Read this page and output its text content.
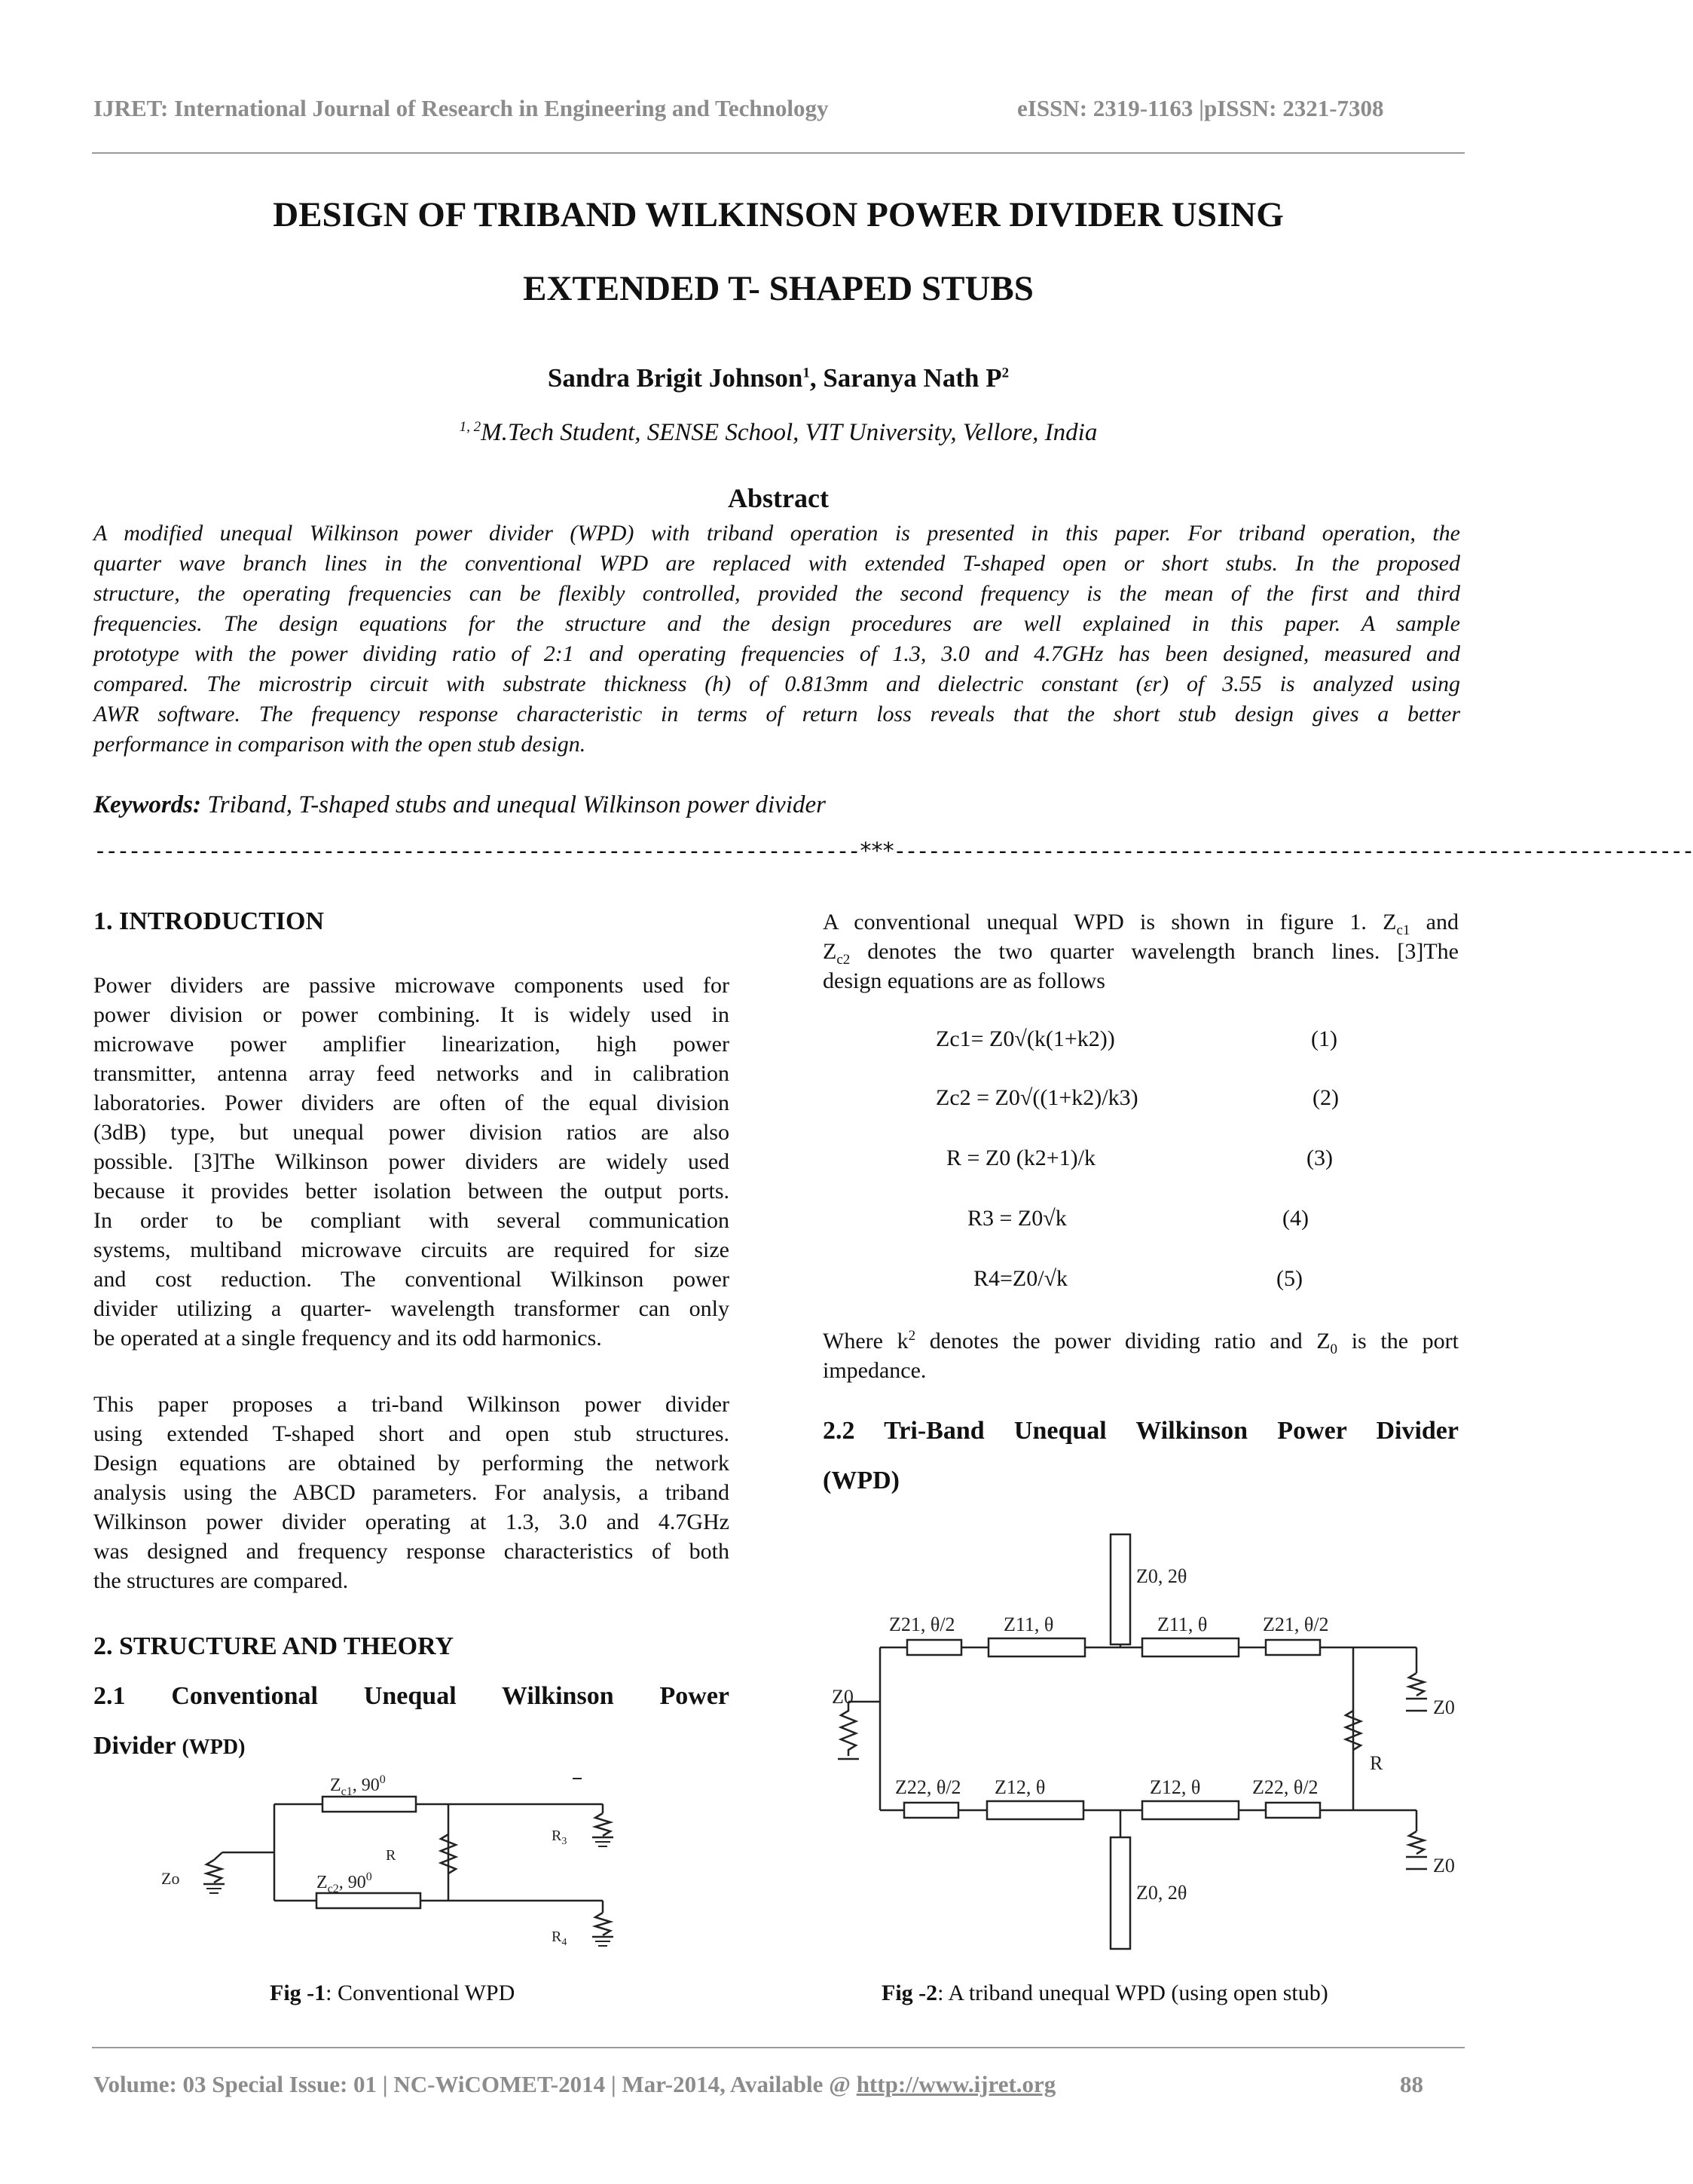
IJRET: International Journal of Research in Engineering and Technology	eISSN: 2319-1163 |pISSN: 2321-7308
DESIGN OF TRIBAND WILKINSON POWER DIVIDER USING
EXTENDED T- SHAPED STUBS
Sandra Brigit Johnson$^1$, Saranya Nath $P^2$
$^{1, 2}$M.Tech Student, SENSE School, VIT University, Vellore, India
Abstract
A modified unequal Wilkinson power divider (WPD) with triband operation is presented in this paper. For triband operation, the
quarter wave branch lines in the conventional WPD are replaced with extended T-shaped open or short stubs. In the proposed
structure, the operating frequencies can be flexibly controlled, provided the second frequency is the mean of the first and third
frequencies. The design equations for the structure and the design procedures are well explained in this paper. A sample
prototype with the power dividing ratio of 2:1 and operating frequencies of 1.3, 3.0 and 4.7GHz has been designed, measured and
compared. The microstrip circuit with substrate thickness (h) of 0.813mm and dielectric constant (εr) of 3.55 is analyzed using
AWR software. The frequency response characteristic in terms of return loss reveals that the short stub design gives a better
performance in comparison with the open stub design.
Keywords: Triband, T-shaped stubs and unequal Wilkinson power divider
-------------------------------------------------------------------***----------------------------------------------------------------------
1. INTRODUCTION
Power dividers are passive microwave components used for
power division or power combining. It is widely used in
microwave power amplifier linearization, high power
transmitter, antenna array feed networks and in calibration
laboratories. Power dividers are often of the equal division
(3dB) type, but unequal power division ratios are also
possible. [3]The Wilkinson power dividers are widely used
because it provides better isolation between the output ports.
In order to be compliant with several communication
systems, multiband microwave circuits are required for size
and cost reduction. The conventional Wilkinson power
divider utilizing a quarter- wavelength transformer can only
be operated at a single frequency and its odd harmonics.
This paper proposes a tri-band Wilkinson power divider
using extended T-shaped short and open stub structures.
Design equations are obtained by performing the network
analysis using the ABCD parameters. For analysis, a triband
Wilkinson power divider operating at 1.3, 3.0 and 4.7GHz
was designed and frequency response characteristics of both
the structures are compared.
2. STRUCTURE AND THEORY
2.1 Conventional Unequal Wilkinson Power
Divider (WPD)
$Z_{c1}$, $90^0$
$Z_{c2}$, $90^0$
R
Zo
$R_3$
$R_4$
Fig -1: Conventional WPD
A conventional unequal WPD is shown in figure 1. $Z_{c1}$ and
$Z_{c2}$ denotes the two quarter wavelength branch lines. [3]The
design equations are as follows
Zc1= Z0√(k(1+k2))	(1)
Zc2 = Z0√((1+k2)/k3)	(2)
R = Z0 (k2+1)/k	(3)
R3 = Z0√k	(4)
R4=Z0/√k	(5)
Where $k^2$ denotes the power dividing ratio and $Z_0$ is the port
impedance.
2.2 Tri-Band Unequal Wilkinson Power Divider
(WPD)
Z0, 2θ
Z0, 2θ
Z21, θ/2 Z11, θ	Z11, θ	Z21, θ/2
Z22, θ/2 Z12, θ	Z12, θ	Z22, θ/2
Z0
R
Z0
Z0
Fig -2: A triband unequal WPD (using open stub)
Volume: 03 Special Issue: 01 | NC-WiCOMET-2014 | Mar-2014, Available @ http://www.ijret.org	88
